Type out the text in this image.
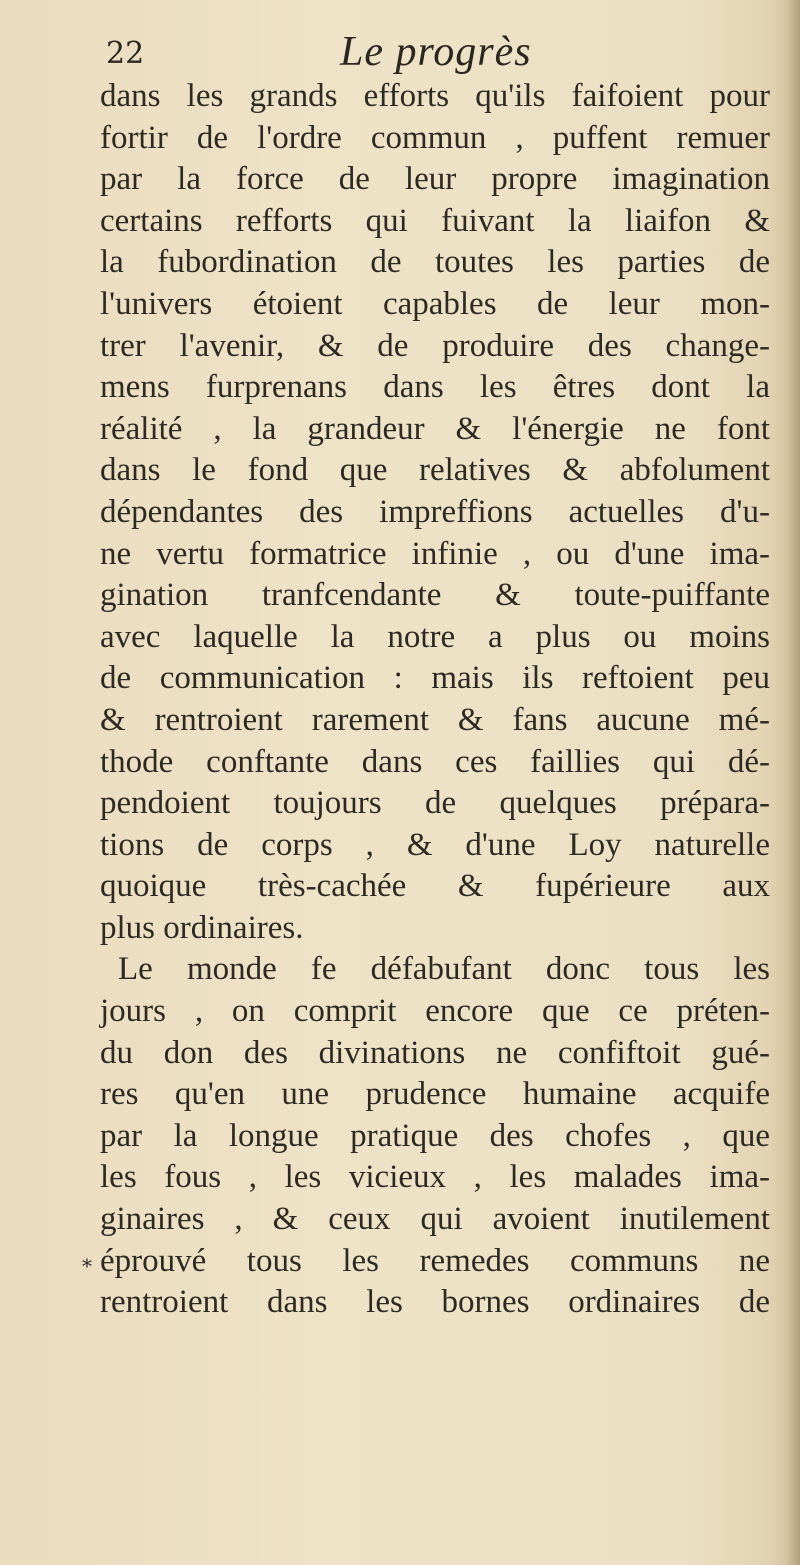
22	Le progrès
dans les grands efforts qu'ils faifoient pour
fortir de l'ordre commun , puffent remuer
par la force de leur propre imagination
certains refforts qui fuivant la liaifon &
la fubordination de toutes les parties de
l'univers étoient capables de leur mon-
trer l'avenir, & de produire des change-
mens furprenans dans les êtres dont la
réalité , la grandeur & l'énergie ne font
dans le fond que relatives & abfolument
dépendantes des impreffions actuelles d'u-
ne vertu formatrice infinie , ou d'une ima-
gination tranfcendante & toute-puiffante
avec laquelle la notre a plus ou moins
de communication : mais ils reftoient peu
& rentroient rarement & fans aucune mé-
thode conftante dans ces faillies qui dé-
pendoient toujours de quelques prépara-
tions de corps , & d'une Loy naturelle
quoique très-cachée & fupérieure aux
plus ordinaires.
Le monde fe défabufant donc tous les
jours , on comprit encore que ce préten-
du don des divinations ne confiftoit gué-
res qu'en une prudence humaine acquife
par la longue pratique des chofes , que
les fous , les vicieux , les malades ima-
ginaires , & ceux qui avoient inutilement
éprouvé tous les remedes communs ne
rentroient dans les bornes ordinaires de
*
